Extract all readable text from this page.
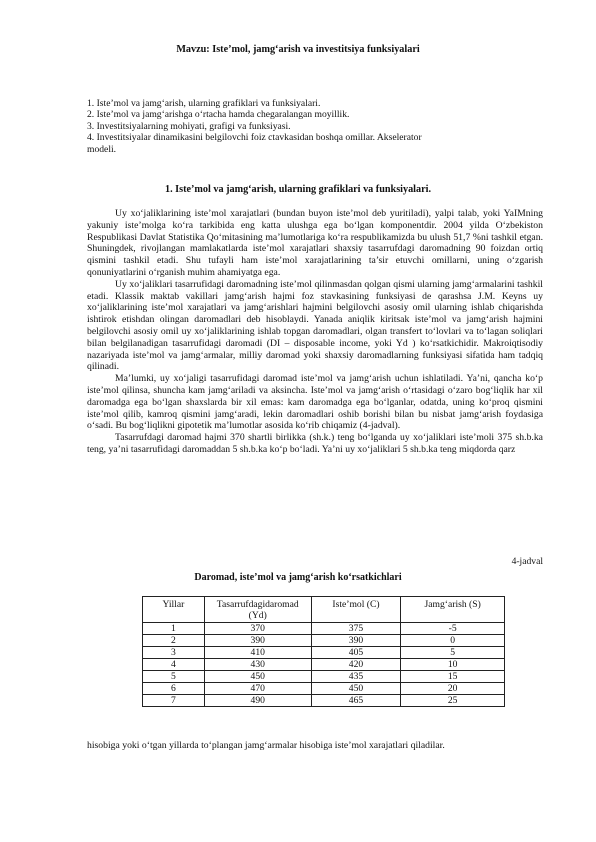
Mavzu: Iste’mol, jamg‘arish va investitsiya funksiyalari
1. Iste’mol va jamg‘arish, ularning grafiklari va funksiyalari.
2. Iste’mol va jamg‘arishga o‘rtacha hamda chegaralangan moyillik.
3. Investitsiyalarning mohiyati, grafigi va funksiyasi.
4. Investitsiyalar dinamikasini belgilovchi foiz ctavkasidan boshqa omillar. Akselerator
modeli.
1. Iste’mol va jamg‘arish, ularning grafiklari va funksiyalari.

Uy xo‘jaliklarining iste’mol xarajatlari (bundan buyon iste’mol deb yuritiladi), yalpi talab, yoki YaIMning yakuniy iste’molga ko‘ra tarkibida eng katta ulushga ega bo‘lgan komponentdir. 2004 yilda O‘zbekiston Respublikasi Davlat Statistika Qo‘mitasining ma’lumotlariga ko‘ra respublikamizda bu ulush 51,7 %ni tashkil etgan. Shuningdek, rivojlangan mamlakatlarda iste’mol xarajatlari shaxsiy tasarrufdagi daromadning 90 foizdan ortiq qismini tashkil etadi. Shu tufayli ham iste’mol xarajatlarining ta’sir etuvchi omillarni, uning o‘zgarish qonuniyatlarini o‘rganish muhim ahamiyatga ega.

Uy xo‘jaliklari tasarrufidagi daromadning iste’mol qilinmasdan qolgan qismi ularning jamg‘armalarini tashkil etadi. Klassik maktab vakillari jamg‘arish hajmi foz stavkasining funksiyasi de qarashsa J.M. Keyns uy xo‘jaliklarining iste’mol xarajatlari va jamg‘arishlari hajmini belgilovchi asosiy omil ularning ishlab chiqarishda ishtirok etishdan olingan daromadlari deb hisoblaydi. Yanada aniqlik kiritsak iste’mol va jamg‘arish hajmini belgilovchi asosiy omil uy xo‘jaliklarining ishlab topgan daromadlari, olgan transfert to‘lovlari va to‘lagan soliqlari bilan belgilanadigan tasarrufidagi daromadi (DI – disposable income, yoki Yd ) ko‘rsatkichidir. Makroiqtisodiy nazariyada iste’mol va jamg‘armalar, milliy daromad yoki shaxsiy daromadlarning funksiyasi sifatida ham tadqiq qilinadi.

Ma’lumki, uy xo‘jaligi tasarrufidagi daromad iste’mol va jamg‘arish uchun ishlatiladi. Ya’ni, qancha ko‘p iste’mol qilinsa, shuncha kam jamg‘ariladi va aksincha. Iste’mol va jamg‘arish o‘rtasidagi o‘zaro bog‘liqlik har xil daromadga ega bo‘lgan shaxslarda bir xil emas: kam daromadga ega bo‘lganlar, odatda, uning ko‘proq qismini iste’mol qilib, kamroq qismini jamg‘aradi, lekin daromadlari oshib borishi bilan bu nisbat jamg‘arish foydasiga o‘sadi. Bu bog‘liqlikni gipotetik ma’lumotlar asosida ko‘rib chiqamiz (4-jadval).

Tasarrufdagi daromad hajmi 370 shartli birlikka (sh.k.) teng bo‘lganda uy xo‘jaliklari iste’moli 375 sh.b.ka teng, ya’ni tasarrufidagi daromaddan 5 sh.b.ka ko‘p bo‘ladi. Ya’ni uy xo‘jaliklari 5 sh.b.ka teng miqdorda qarz

4-jadval
Daromad, iste’mol va jamg‘arish ko‘rsatkichlari
Yillar	Tasarrufdagidaromad (Yd)	Iste’mol (C)	Jamg‘arish (S)
1	370	375	-5
2	390	390	0
3	410	405	5
4	430	420	10
5	450	435	15
6	470	450	20
7	490	465	25
hisobiga yoki o‘tgan yillarda to‘plangan jamg‘armalar hisobiga iste’mol xarajatlari qiladilar.
